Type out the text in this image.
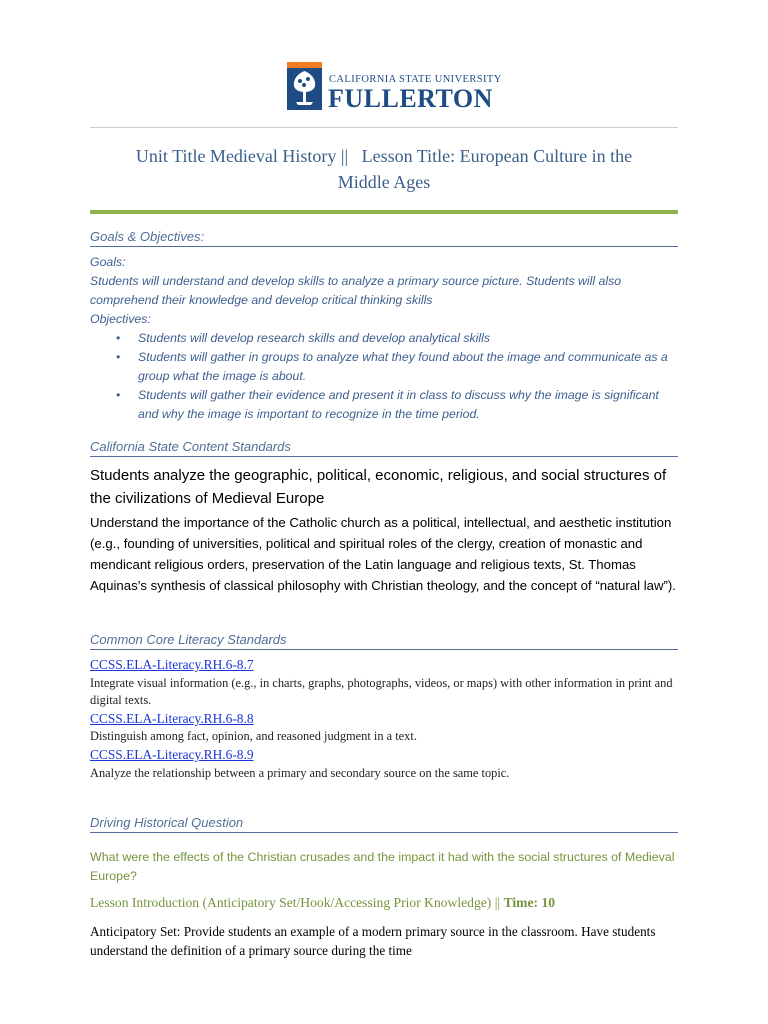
CALIFORNIA STATE UNIVERSITY
FULLERTON
Unit Title Medieval History ||   Lesson Title: European Culture in the
Middle Ages
Goals & Objectives:
Goals:
Students will understand and develop skills to analyze a primary source picture. Students will also comprehend their knowledge and develop critical thinking skills
Objectives:
• Students will develop research skills and develop analytical skills
• Students will gather in groups to analyze what they found about the image and communicate as a group what the image is about.
• Students will gather their evidence and present it in class to discuss why the image is significant and why the image is important to recognize in the time period.
California State Content Standards
Students analyze the geographic, political, economic, religious, and social structures of the civilizations of Medieval Europe
Understand the importance of the Catholic church as a political, intellectual, and aesthetic institution (e.g., founding of universities, political and spiritual roles of the clergy, creation of monastic and mendicant religious orders, preservation of the Latin language and religious texts, St. Thomas Aquinas’s synthesis of classical philosophy with Christian theology, and the concept of “natural law”).
Common Core Literacy Standards
CCSS.ELA-Literacy.RH.6-8.7
Integrate visual information (e.g., in charts, graphs, photographs, videos, or maps) with other information in print and digital texts.
CCSS.ELA-Literacy.RH.6-8.8
Distinguish among fact, opinion, and reasoned judgment in a text.
CCSS.ELA-Literacy.RH.6-8.9
Analyze the relationship between a primary and secondary source on the same topic.
Driving Historical Question
What were the effects of the Christian crusades and the impact it had with the social structures of Medieval Europe?
Lesson Introduction (Anticipatory Set/Hook/Accessing Prior Knowledge) || Time: 10
Anticipatory Set: Provide students an example of a modern primary source in the classroom. Have students understand the definition of a primary source during the time
